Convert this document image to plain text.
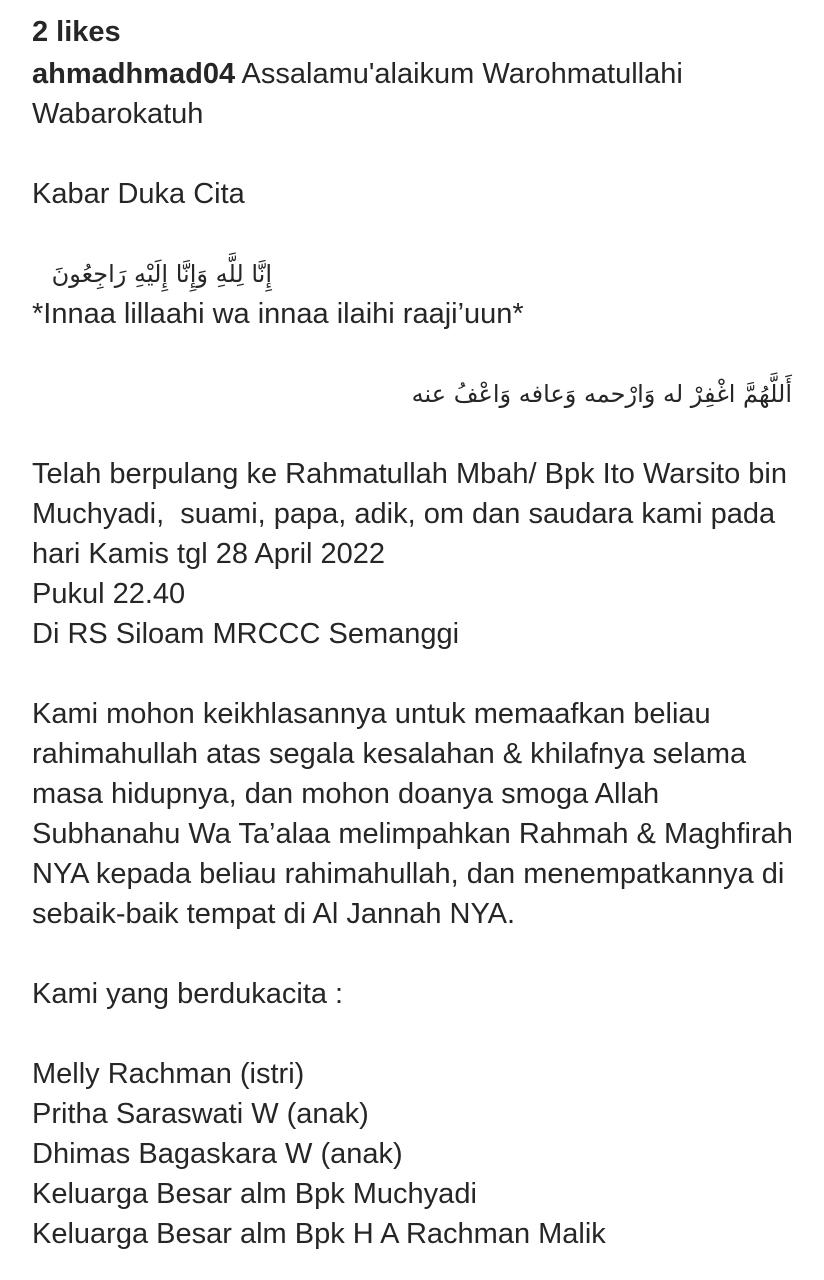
2 likes

ahmadhmad04 Assalamu'alaikum Warohmatullahi
Wabarokatuh
Kabar Duka Cita
إِنَّا لِلَّهِ وَإِنَّا إِلَيْهِ رَاجِعُونَ
*Innaa lillaahi wa innaa ilaihi raaji’uun*
أَللَّهُمَّ اغْفِرْ له وَارْحمه وَعافه وَاعْفُ عنه
Telah berpulang ke Rahmatullah Mbah/ Bpk Ito Warsito bin
Muchyadi,  suami, papa, adik, om dan saudara kami pada
hari Kamis tgl 28 April 2022
Pukul 22.40
Di RS Siloam MRCCC Semanggi
Kami mohon keikhlasannya untuk memaafkan beliau
rahimahullah atas segala kesalahan & khilafnya selama
masa hidupnya, dan mohon doanya smoga Allah
Subhanahu Wa Ta’alaa melimpahkan Rahmah & Maghfirah
NYA kepada beliau rahimahullah, dan menempatkannya di
sebaik-baik tempat di Al Jannah NYA.
Kami yang berdukacita :
Melly Rachman (istri)
Pritha Saraswati W (anak)
Dhimas Bagaskara W (anak)
Keluarga Besar alm Bpk Muchyadi
Keluarga Besar alm Bpk H A Rachman Malik
